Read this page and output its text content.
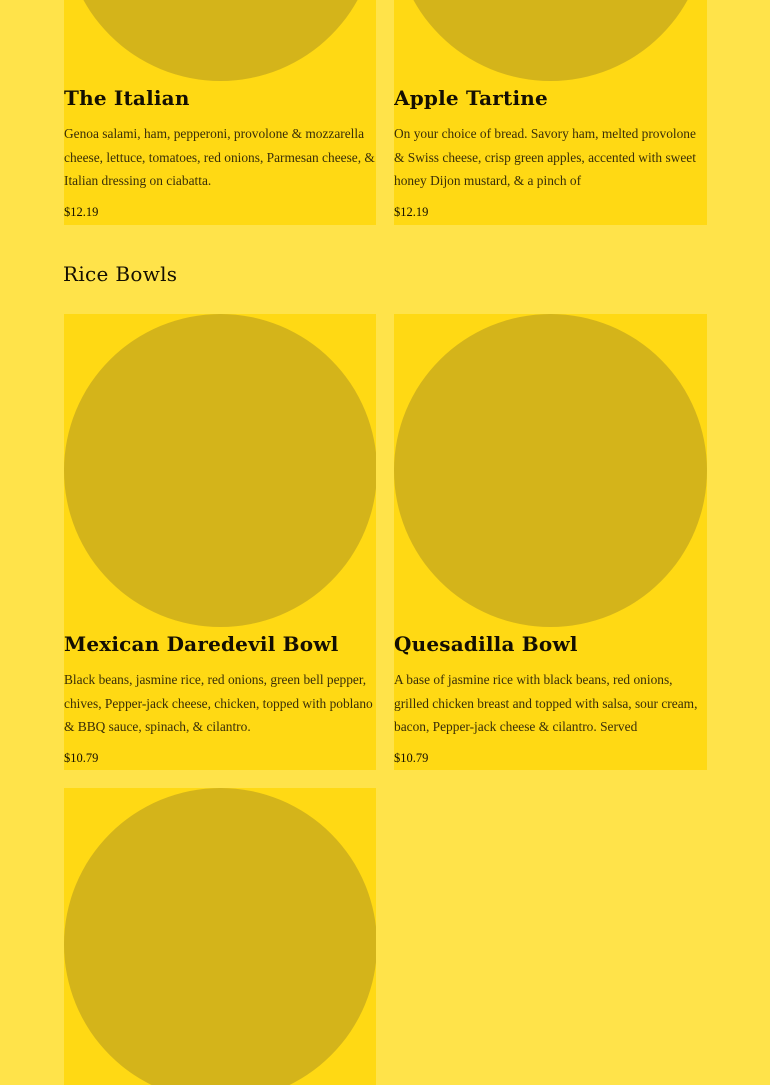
The Italian
Genoa salami, ham, pepperoni, provolone & mozzarella cheese, lettuce, tomatoes, red onions, Parmesan cheese, & Italian dressing on ciabatta.
$12.19
Apple Tartine
On your choice of bread. Savory ham, melted provolone & Swiss cheese, crisp green apples, accented with sweet honey Dijon mustard, & a pinch of
$12.19
Rice Bowls
Mexican Daredevil Bowl
Black beans, jasmine rice, red onions, green bell pepper, chives, Pepper-jack cheese, chicken, topped with poblano & BBQ sauce, spinach, & cilantro.
$10.79
Quesadilla Bowl
A base of jasmine rice with black beans, red onions, grilled chicken breast and topped with salsa, sour cream, bacon, Pepper-jack cheese & cilantro. Served
$10.79
